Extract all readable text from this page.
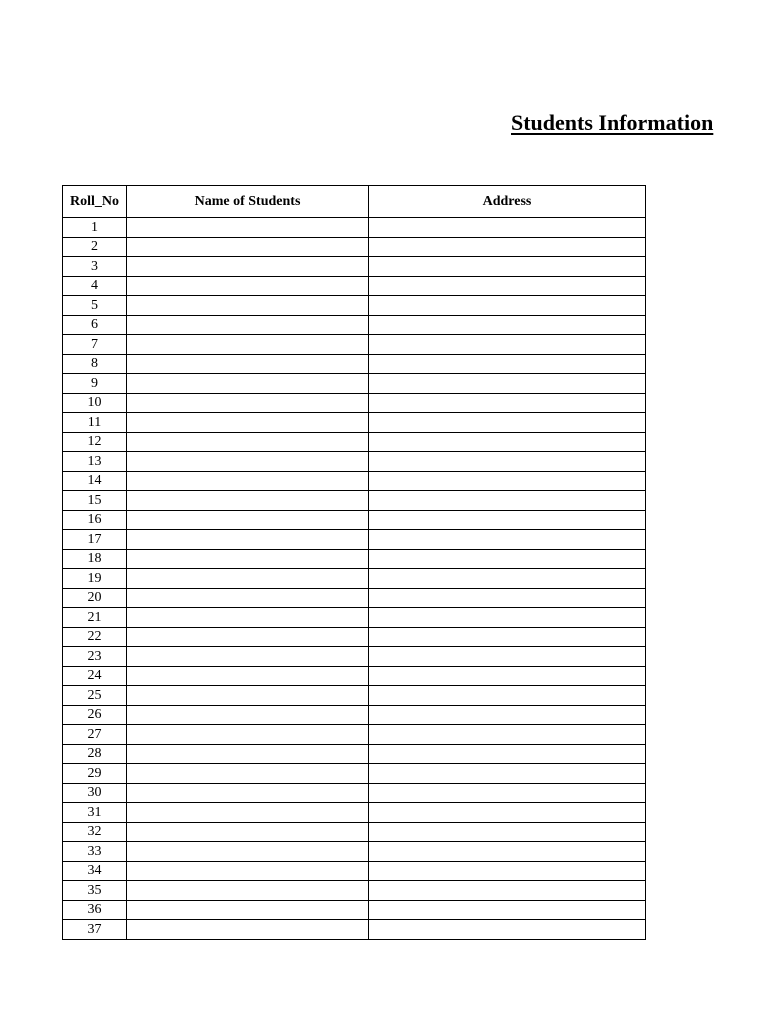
Students Information
Roll_No	Name of Students	Address
1		
2		
3		
4		
5		
6		
7		
8		
9		
10		
11		
12		
13		
14		
15		
16		
17		
18		
19		
20		
21		
22		
23		
24		
25		
26		
27		
28		
29		
30		
31		
32		
33		
34		
35		
36		
37		
